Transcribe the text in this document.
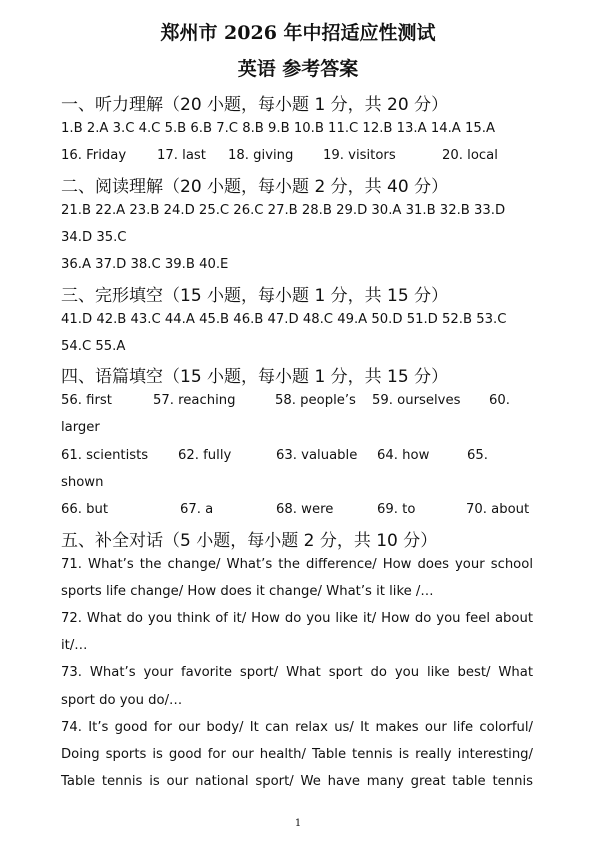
郑州市 2026 年中招适应性测试
英语 参考答案
一、听力理解（20 小题，每小题 1 分，共 20 分）
1.B 2.A 3.C 4.C 5.B 6.B 7.C 8.B 9.B 10.B 11.C 12.B 13.A 14.A 15.A
16. Friday 17. last 18. giving 19. visitors	20. local
二、阅读理解（20 小题，每小题 2 分，共 40 分）
21.B 22.A 23.B 24.D 25.C 26.C 27.B 28.B 29.D 30.A 31.B 32.B 33.D
34.D 35.C
36.A 37.D 38.C 39.B 40.E
三、完形填空（15 小题，每小题 1 分，共 15 分）
41.D 42.B 43.C 44.A 45.B 46.B 47.D 48.C 49.A 50.D 51.D 52.B 53.C
54.C 55.A
四、语篇填空（15 小题，每小题 1 分，共 15 分）
56. first	57. reaching	58. people’s 59. ourselves 60.
larger
61. scientists 62. fully	63. valuable 64. how	65.
shown
66. but	67. a	68. were	69. to	70. about
五、补全对话（5 小题，每小题 2 分，共 10 分）
71. What’s the change/ What’s the difference/ How does your school
sports life change/ How does it change/ What’s it like /…
72. What do you think of it/ How do you like it/ How do you feel about
it/…
73. What’s your favorite sport/ What sport do you like best/ What
sport do you do/…
74. It’s good for our body/ It can relax us/ It makes our life colorful/
Doing sports is good for our health/ Table tennis is really interesting/
Table tennis is our national sport/ We have many great table tennis
1
